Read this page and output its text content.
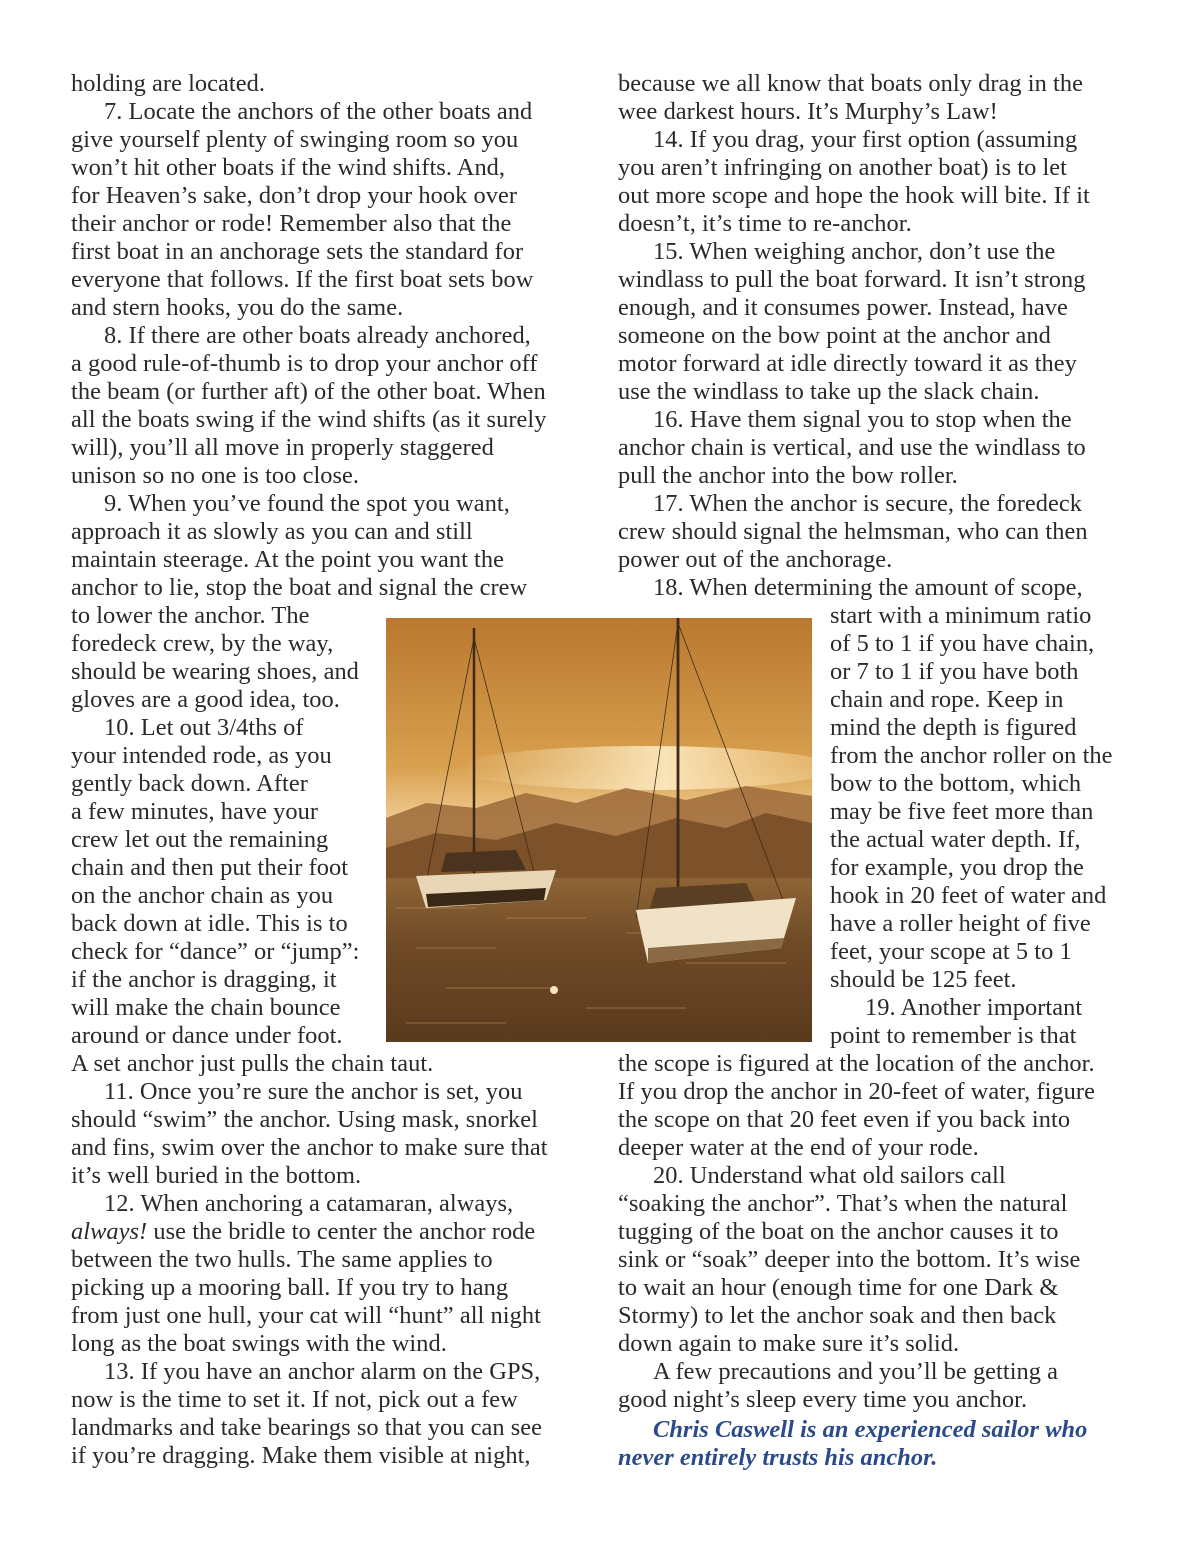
holding are located.
7. Locate the anchors of the other boats and
give yourself plenty of swinging room so you
won’t hit other boats if the wind shifts. And,
for Heaven’s sake, don’t drop your hook over
their anchor or rode! Remember also that the
first boat in an anchorage sets the standard for
everyone that follows. If the first boat sets bow
and stern hooks, you do the same.
8. If there are other boats already anchored,
a good rule-of-thumb is to drop your anchor off
the beam (or further aft) of the other boat. When
all the boats swing if the wind shifts (as it surely
will), you’ll all move in properly staggered
unison so no one is too close.
9. When you’ve found the spot you want,
approach it as slowly as you can and still
maintain steerage. At the point you want the
anchor to lie, stop the boat and signal the crew
to lower the anchor. The
foredeck crew, by the way,
should be wearing shoes, and
gloves are a good idea, too.
10. Let out 3/4ths of
your intended rode, as you
gently back down. After
a few minutes, have your
crew let out the remaining
chain and then put their foot
on the anchor chain as you
back down at idle. This is to
check for “dance” or “jump”:
if the anchor is dragging, it
will make the chain bounce
around or dance under foot.
A set anchor just pulls the chain taut.
11. Once you’re sure the anchor is set, you
should “swim” the anchor. Using mask, snorkel
and fins, swim over the anchor to make sure that
it’s well buried in the bottom.
12. When anchoring a catamaran, always,
always! use the bridle to center the anchor rode
between the two hulls. The same applies to
picking up a mooring ball. If you try to hang
from just one hull, your cat will “hunt” all night
long as the boat swings with the wind.
13. If you have an anchor alarm on the GPS,
now is the time to set it. If not, pick out a few
landmarks and take bearings so that you can see
if you’re dragging. Make them visible at night,
because we all know that boats only drag in the
wee darkest hours. It’s Murphy’s Law!
14. If you drag, your first option (assuming
you aren’t infringing on another boat) is to let
out more scope and hope the hook will bite. If it
doesn’t, it’s time to re-anchor.
15. When weighing anchor, don’t use the
windlass to pull the boat forward. It isn’t strong
enough, and it consumes power. Instead, have
someone on the bow point at the anchor and
motor forward at idle directly toward it as they
use the windlass to take up the slack chain.
16. Have them signal you to stop when the
anchor chain is vertical, and use the windlass to
pull the anchor into the bow roller.
17. When the anchor is secure, the foredeck
crew should signal the helmsman, who can then
power out of the anchorage.
18. When determining the amount of scope,
start with a minimum ratio
of 5 to 1 if you have chain,
or 7 to 1 if you have both
chain and rope. Keep in
mind the depth is figured
from the anchor roller on the
bow to the bottom, which
may be five feet more than
the actual water depth. If,
for example, you drop the
hook in 20 feet of water and
have a roller height of five
feet, your scope at 5 to 1
should be 125 feet.
19. Another important
point to remember is that
the scope is figured at the location of the anchor.
If you drop the anchor in 20-feet of water, figure
the scope on that 20 feet even if you back into
deeper water at the end of your rode.
20. Understand what old sailors call
“soaking the anchor”. That’s when the natural
tugging of the boat on the anchor causes it to
sink or “soak” deeper into the bottom. It’s wise
to wait an hour (enough time for one Dark &
Stormy) to let the anchor soak and then back
down again to make sure it’s solid.
A few precautions and you’ll be getting a
good night’s sleep every time you anchor.
Chris Caswell is an experienced sailor who
never entirely trusts his anchor.
